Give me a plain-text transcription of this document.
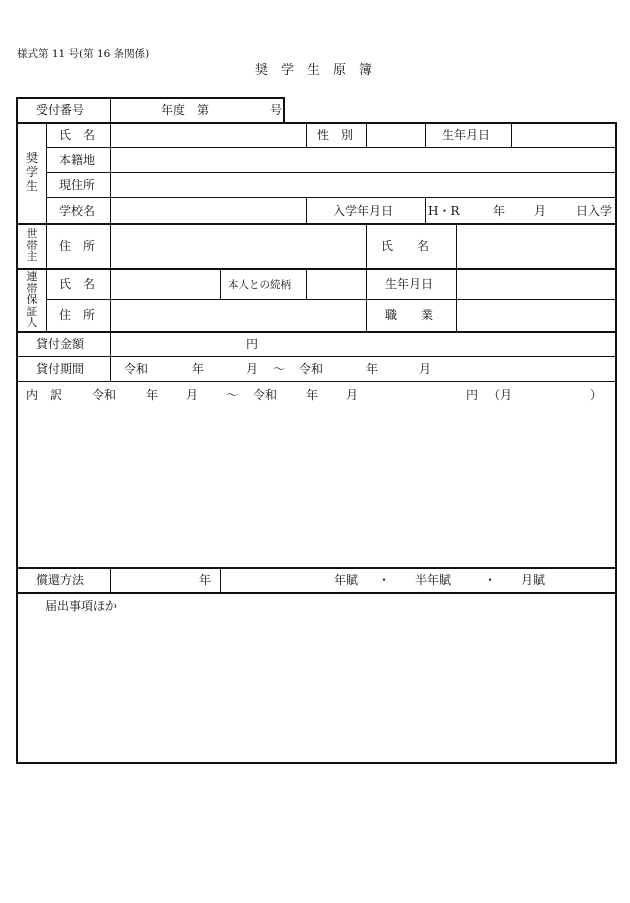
様式第 11 号(第 16 条関係)
奨　学　生　原　簿
受付番号	年度　第	号
奨学生
氏　名	性　別	生年月日
本籍地
現住所
学校名	入学年月日	H・R	年 月 日入学
世帯主
住　所	氏　　名
連帯保証人
氏　名	本人との続柄	生年月日
住　所	職　　業
貸付金額	円
貸付期間	令和	年	月 ～ 令和	年	月
内　訳 令和 年 月 ～ 令和 年 月	円 （月	）
償還方法	年	年賦 ・ 半年賦	・ 月賦
届出事項ほか
